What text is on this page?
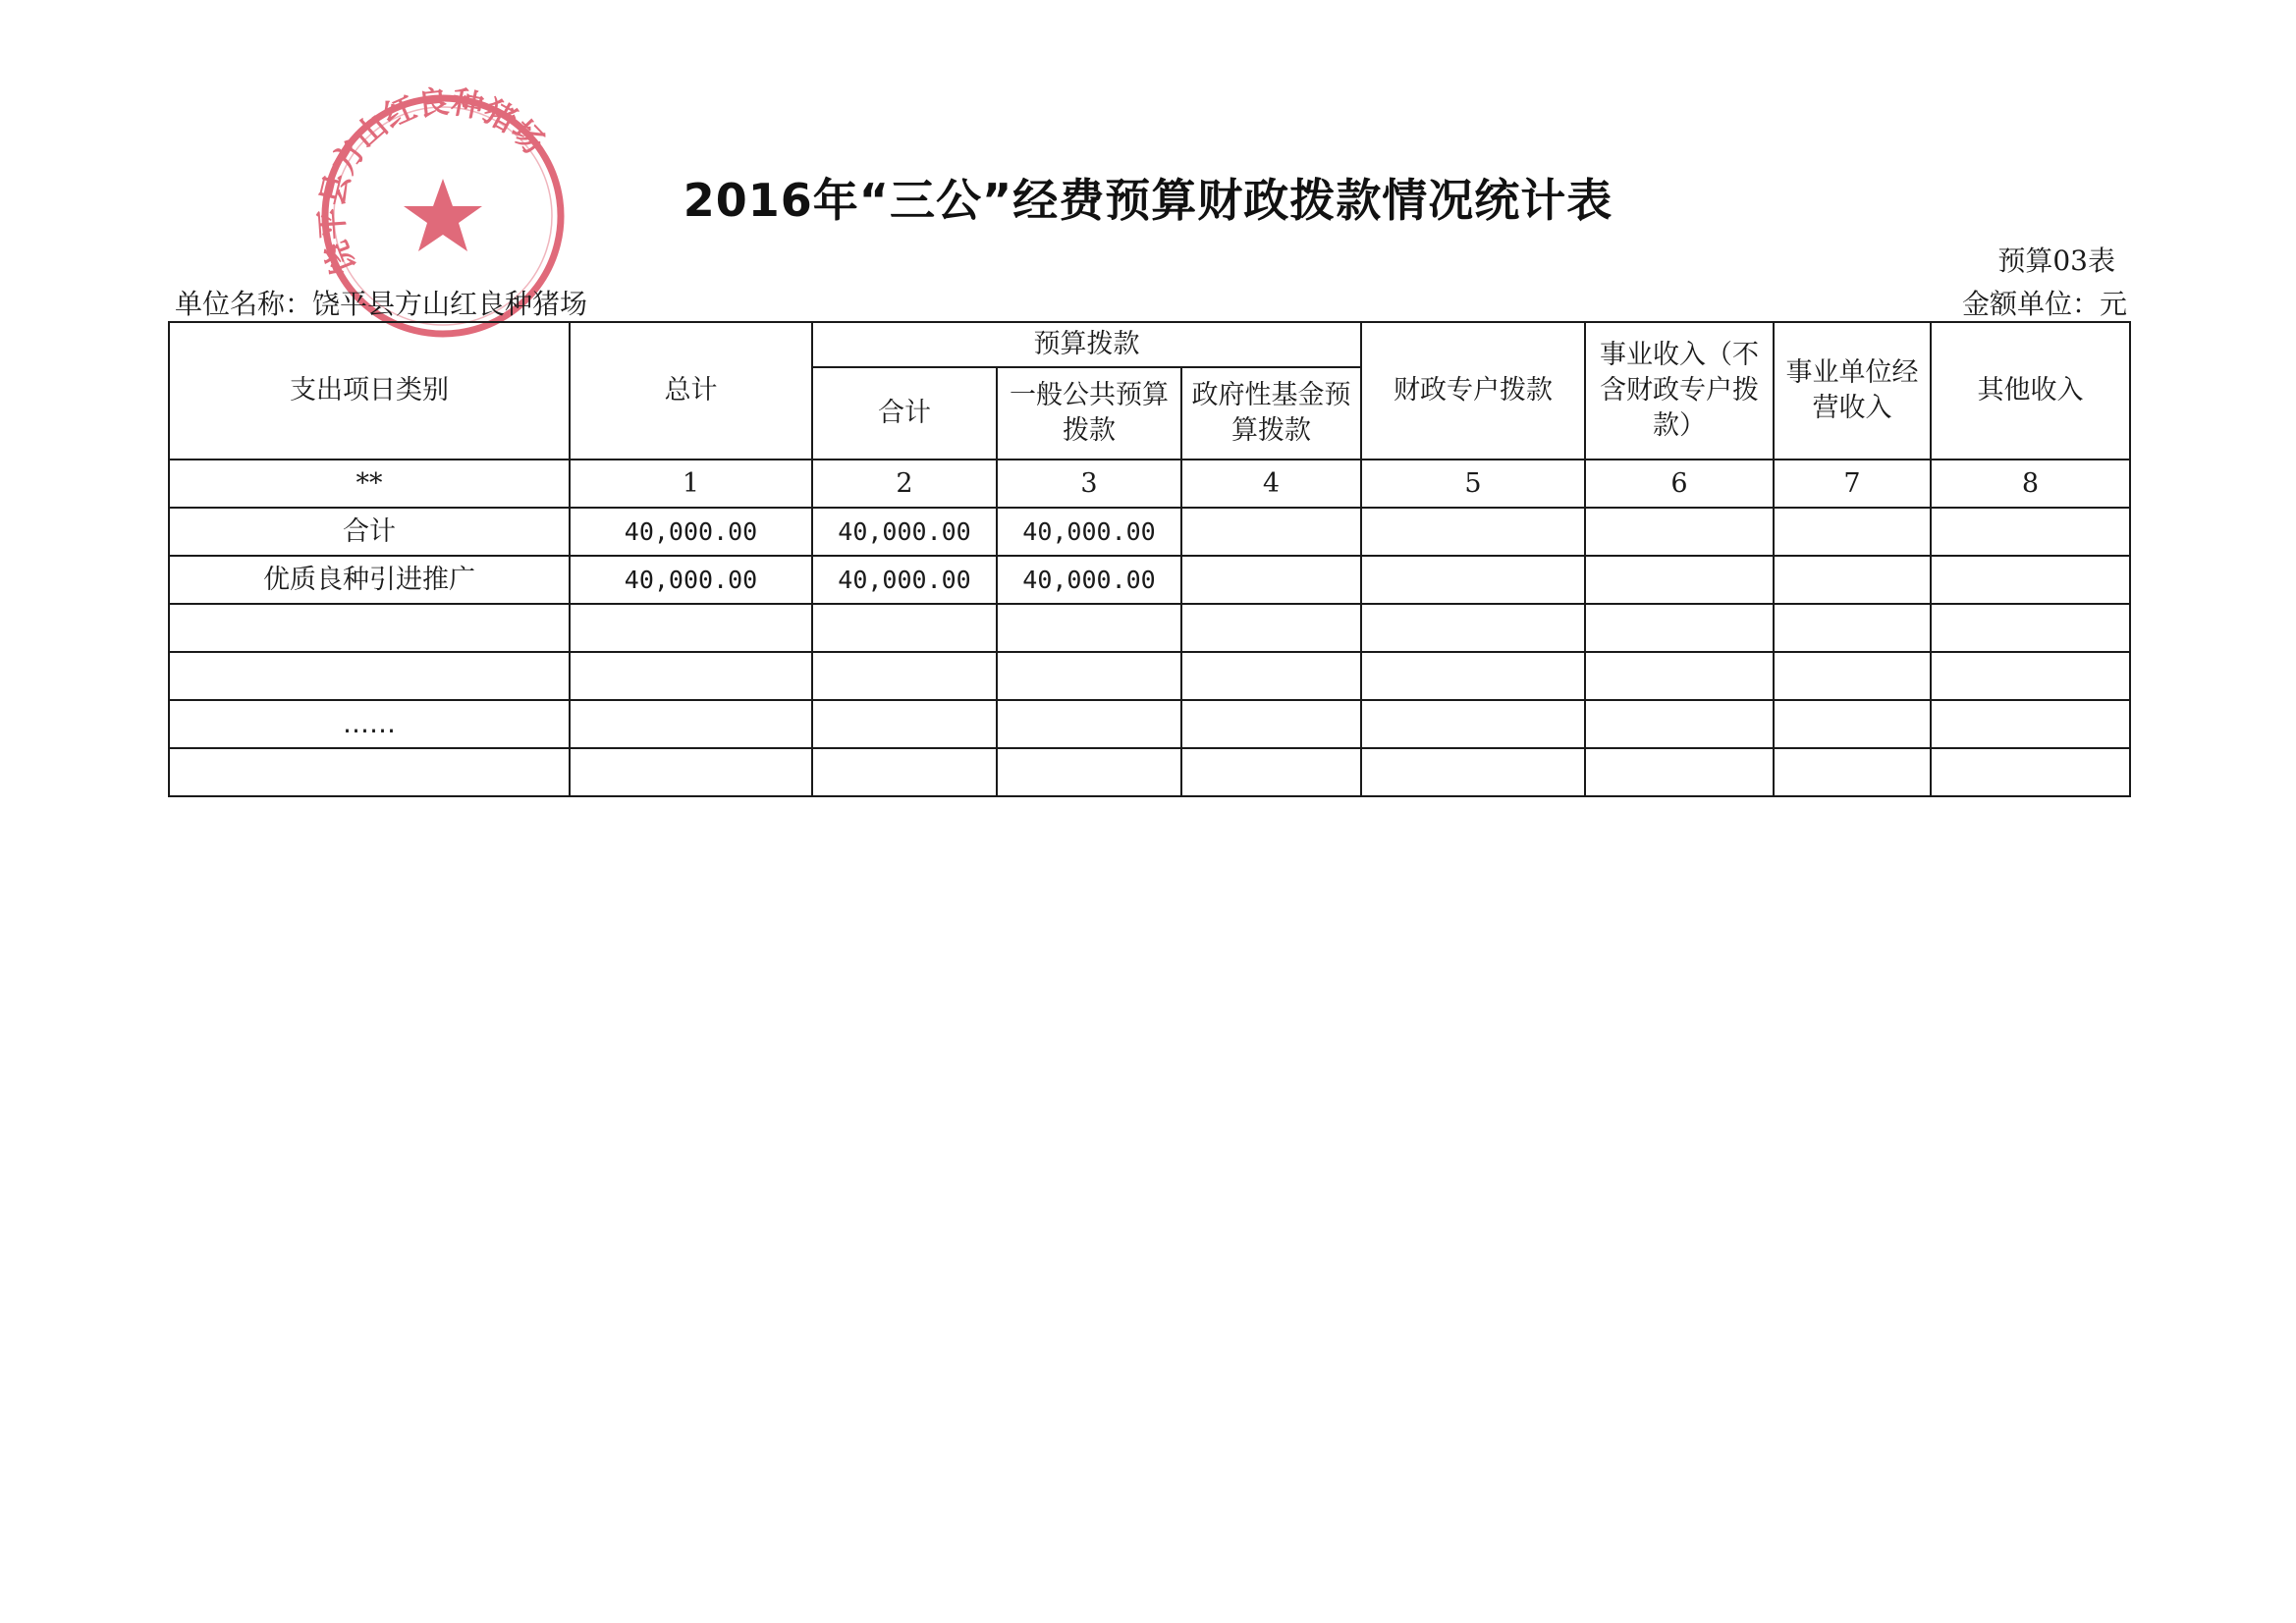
饶平县方山红良种猪场
2016年“三公”经费预算财政拨款情况统计表
预算03表
单位名称：饶平县方山红良种猪场	金额单位：元
支出项日类别	总计	预算拨款			财政专户拨款	事业收入（不含财政专户拨款）	事业单位经营收入	其他收入
		合计	一般公共预算拨款	政府性基金预算拨款				
**	1	2	3	4	5	6	7	8
合计	40,000.00	40,000.00	40,000.00					
优质良种引进推广	40,000.00	40,000.00	40,000.00					

……								
